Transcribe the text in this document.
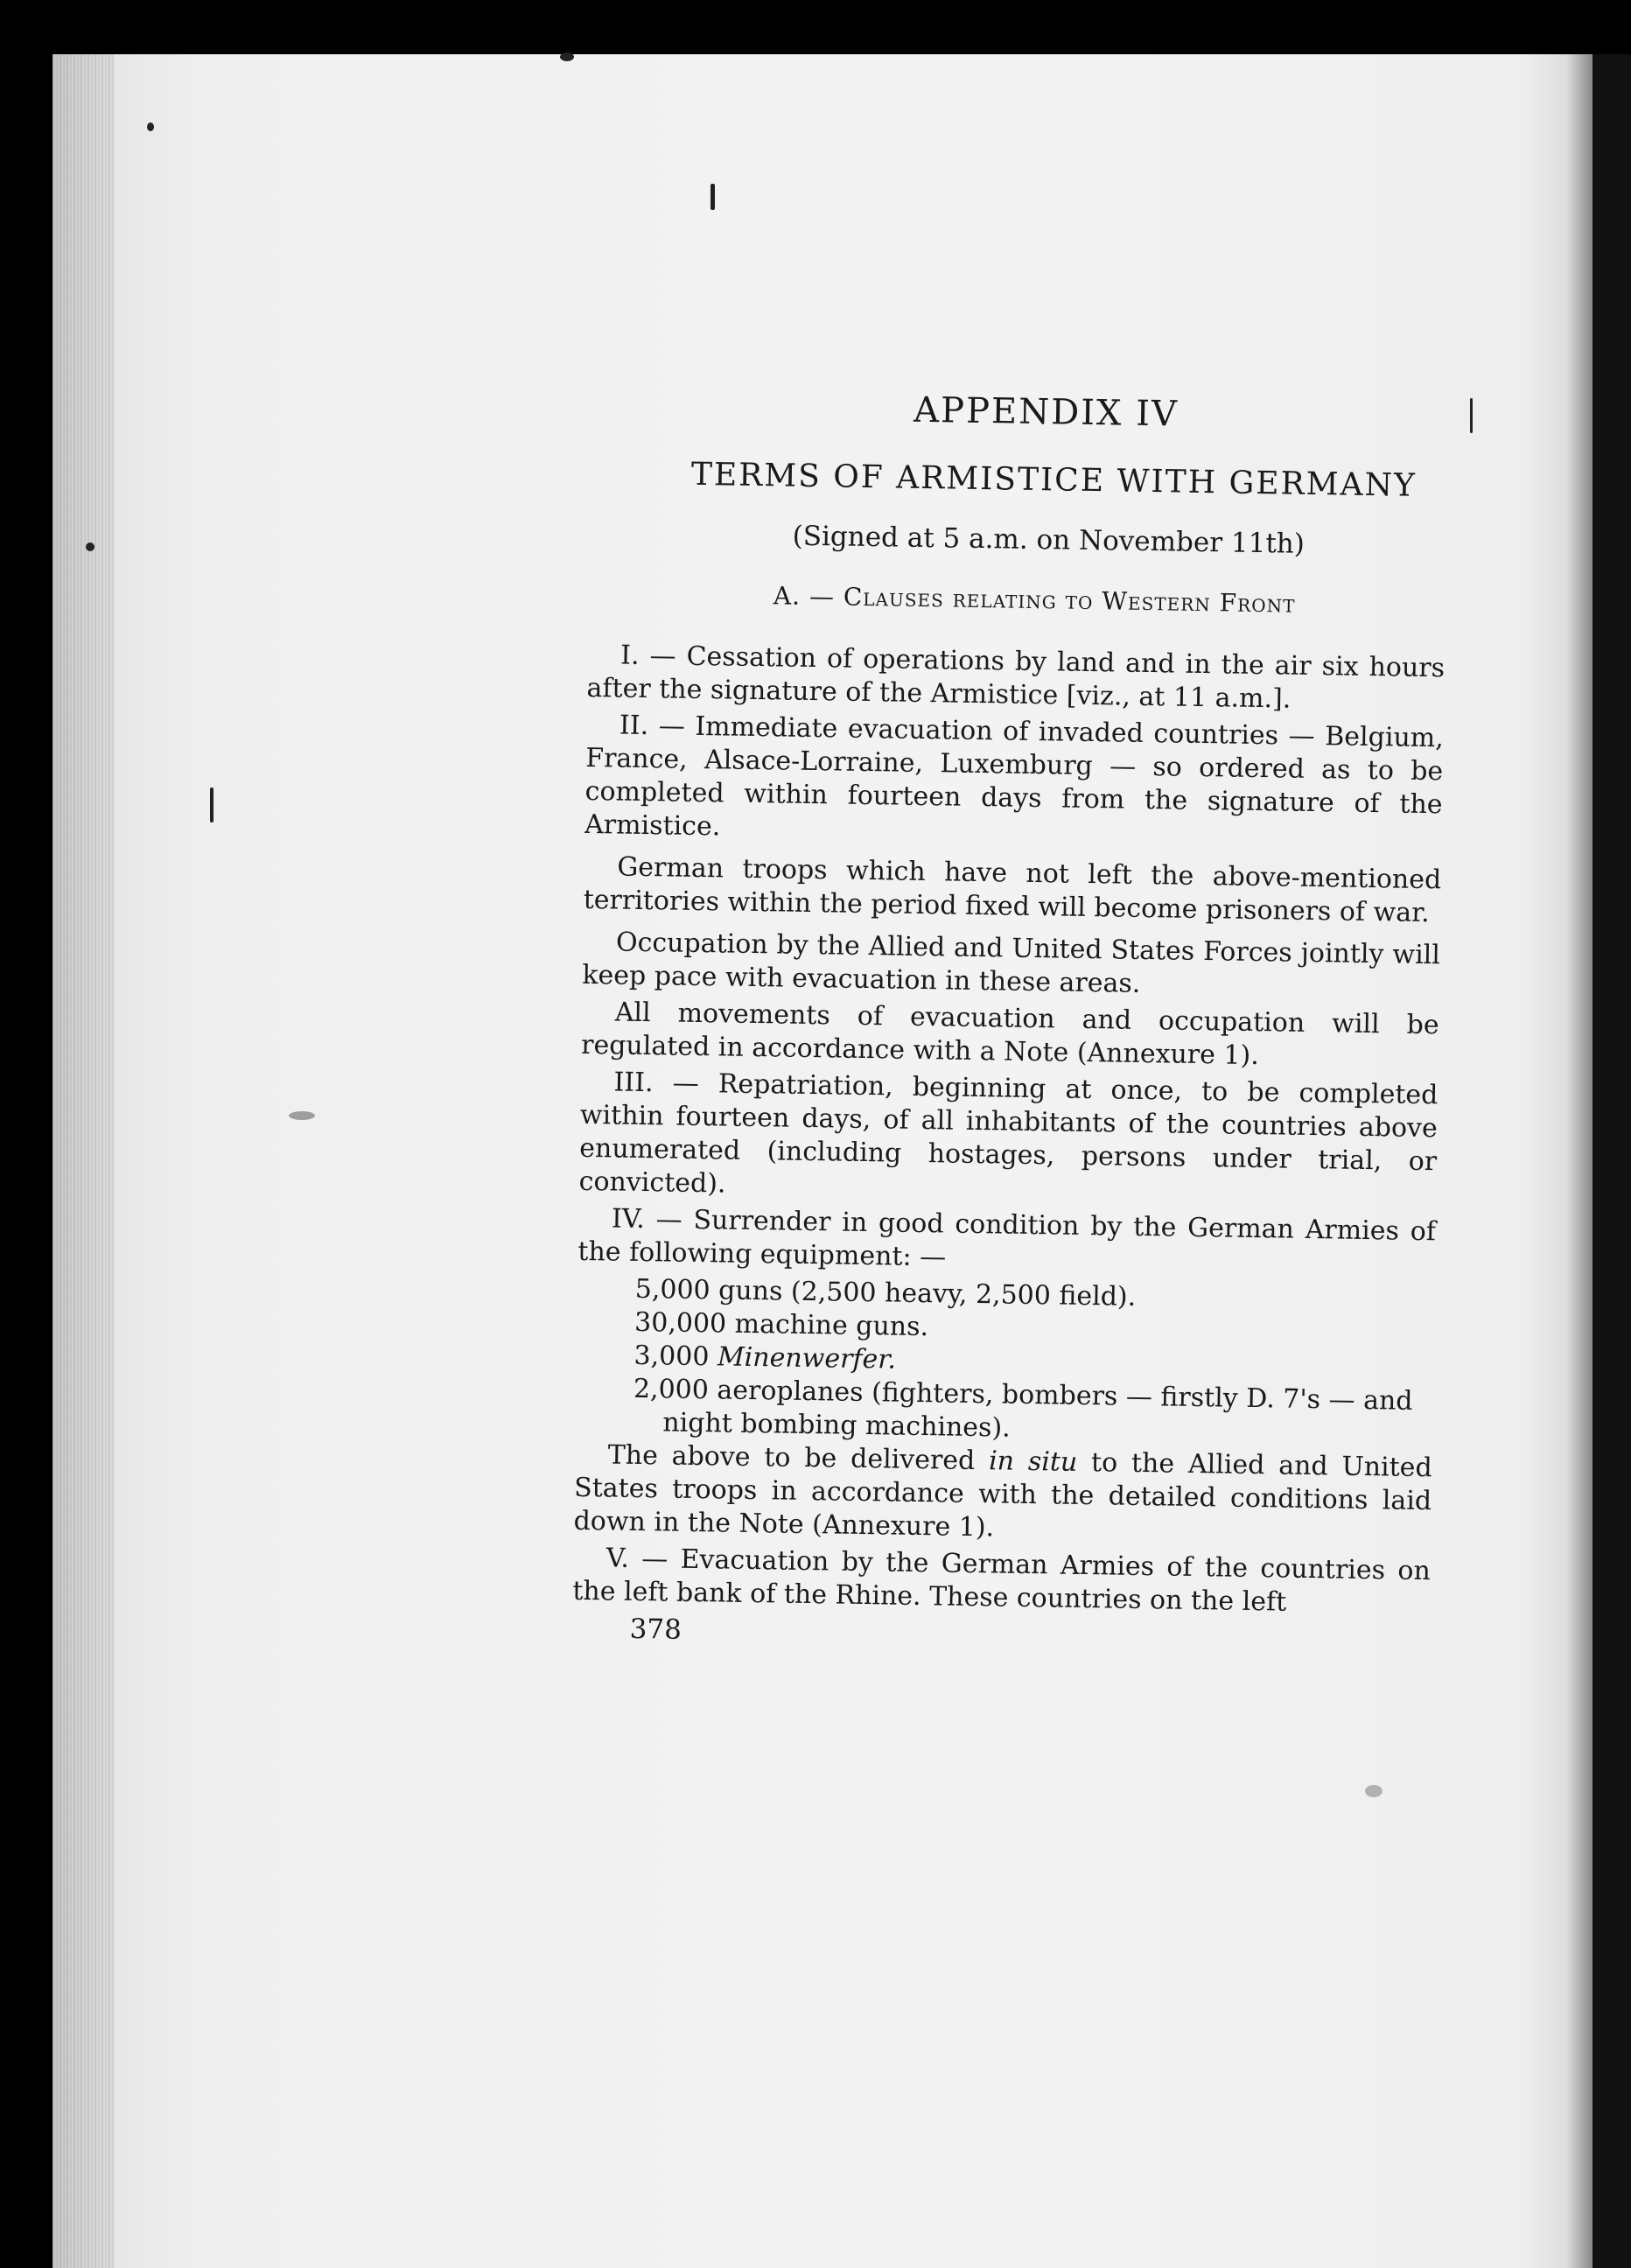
APPENDIX IV
TERMS OF ARMISTICE WITH GERMANY
(Signed at 5 a.m. on November 11th)
A. — Clauses relating to Western Front

I. — Cessation of operations by land and in the air six hours after the signature of the Armistice [viz., at 11 a.m.].

II. — Immediate evacuation of invaded countries — Belgium, France, Alsace-Lorraine, Luxemburg — so ordered as to be completed within fourteen days from the signature of the Armistice.

German troops which have not left the above-mentioned territories within the period fixed will become prisoners of war.

Occupation by the Allied and United States Forces jointly will keep pace with evacuation in these areas.

All movements of evacuation and occupation will be regulated in accordance with a Note (Annexure 1).

III. — Repatriation, beginning at once, to be completed within fourteen days, of all inhabitants of the countries above enumerated (including hostages, persons under trial, or convicted).

IV. — Surrender in good condition by the German Armies of the following equipment: —

5,000 guns (2,500 heavy, 2,500 field).
30,000 machine guns.
3,000 Minenwerfer.
2,000 aeroplanes (fighters, bombers — firstly D. 7's — and night bombing machines).

The above to be delivered in situ to the Allied and United States troops in accordance with the detailed conditions laid down in the Note (Annexure 1).

V. — Evacuation by the German Armies of the countries on the left bank of the Rhine. These countries on the left

378
